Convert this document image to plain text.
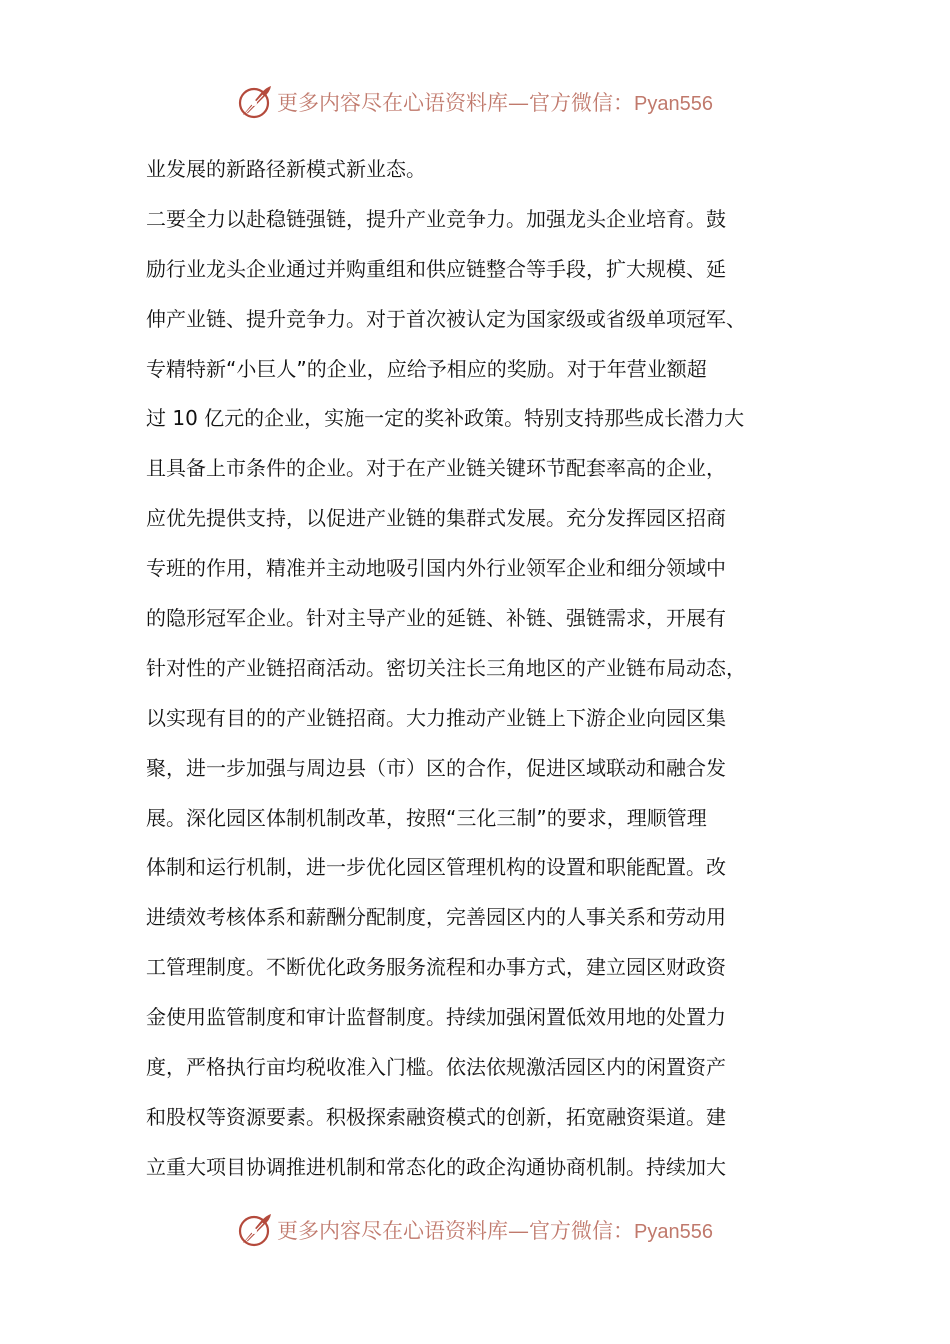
更多内容尽在心语资料库—官方微信：Pyan556
业发展的新路径新模式新业态。
二要全力以赴稳链强链，提升产业竞争力。加强龙头企业培育。鼓
励行业龙头企业通过并购重组和供应链整合等手段，扩大规模、延
伸产业链、提升竞争力。对于首次被认定为国家级或省级单项冠军、
专精特新“小巨人”的企业，应给予相应的奖励。对于年营业额超
过 10 亿元的企业，实施一定的奖补政策。特别支持那些成长潜力大
且具备上市条件的企业。对于在产业链关键环节配套率高的企业，
应优先提供支持，以促进产业链的集群式发展。充分发挥园区招商
专班的作用，精准并主动地吸引国内外行业领军企业和细分领域中
的隐形冠军企业。针对主导产业的延链、补链、强链需求，开展有
针对性的产业链招商活动。密切关注长三角地区的产业链布局动态，
以实现有目的的产业链招商。大力推动产业链上下游企业向园区集
聚，进一步加强与周边县（市）区的合作，促进区域联动和融合发
展。深化园区体制机制改革，按照“三化三制”的要求，理顺管理
体制和运行机制，进一步优化园区管理机构的设置和职能配置。改
进绩效考核体系和薪酬分配制度，完善园区内的人事关系和劳动用
工管理制度。不断优化政务服务流程和办事方式，建立园区财政资
金使用监管制度和审计监督制度。持续加强闲置低效用地的处置力
度，严格执行亩均税收准入门槛。依法依规激活园区内的闲置资产
和股权等资源要素。积极探索融资模式的创新，拓宽融资渠道。建
立重大项目协调推进机制和常态化的政企沟通协商机制。持续加大
更多内容尽在心语资料库—官方微信：Pyan556
